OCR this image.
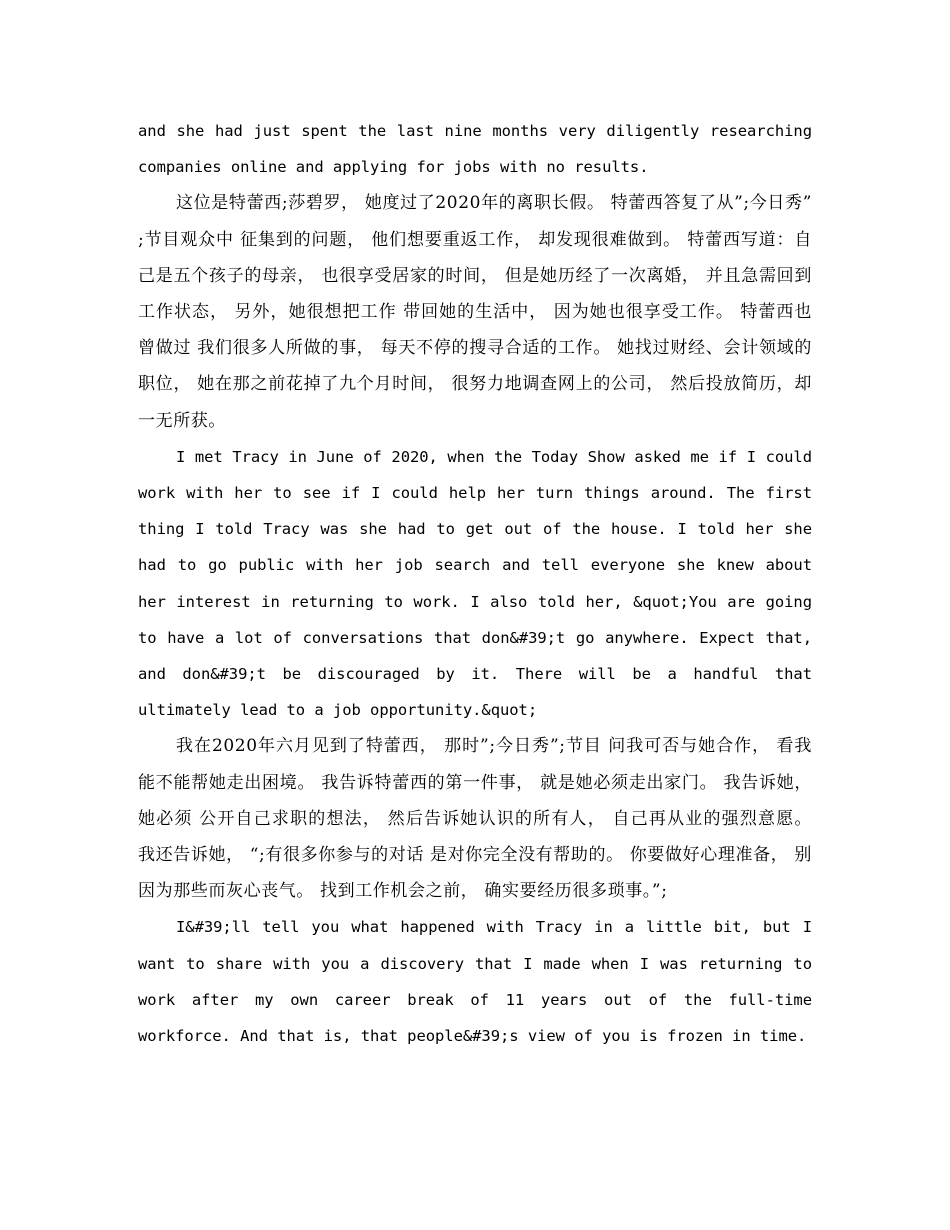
and she had just spent the last nine months very diligently researching companies online and applying for jobs with no results.

这位是特蕾西;莎碧罗， 她度过了2020年的离职长假。 特蕾西答复了从”;今日秀”;节目观众中 征集到的问题， 他们想要重返工作， 却发现很难做到。 特蕾西写道：自己是五个孩子的母亲， 也很享受居家的时间， 但是她历经了一次离婚， 并且急需回到工作状态， 另外，她很想把工作 带回她的生活中， 因为她也很享受工作。 特蕾西也曾做过 我们很多人所做的事， 每天不停的搜寻合适的工作。 她找过财经、会计领域的职位， 她在那之前花掉了九个月时间， 很努力地调查网上的公司， 然后投放简历，却一无所获。

I met Tracy in June of 2020, when the Today Show asked me if I could work with her to see if I could help her turn things around. The first thing I told Tracy was she had to get out of the house. I told her she had to go public with her job search and tell everyone she knew about her interest in returning to work. I also told her, &quot;You are going to have a lot of conversations that don&#39;t go anywhere. Expect that, and don&#39;t be discouraged by it. There will be a handful that ultimately lead to a job opportunity.&quot;

我在2020年六月见到了特蕾西， 那时”;今日秀”;节目 问我可否与她合作， 看我能不能帮她走出困境。 我告诉特蕾西的第一件事， 就是她必须走出家门。 我告诉她，她必须 公开自己求职的想法， 然后告诉她认识的所有人， 自己再从业的强烈意愿。 我还告诉她， “;有很多你参与的对话 是对你完全没有帮助的。 你要做好心理准备， 别因为那些而灰心丧气。 找到工作机会之前， 确实要经历很多琐事。”;

I&#39;ll tell you what happened with Tracy in a little bit, but I want to share with you a discovery that I made when I was returning to work after my own career break of 11 years out of the full-time workforce. And that is, that people&#39;s view of you is frozen in time.
